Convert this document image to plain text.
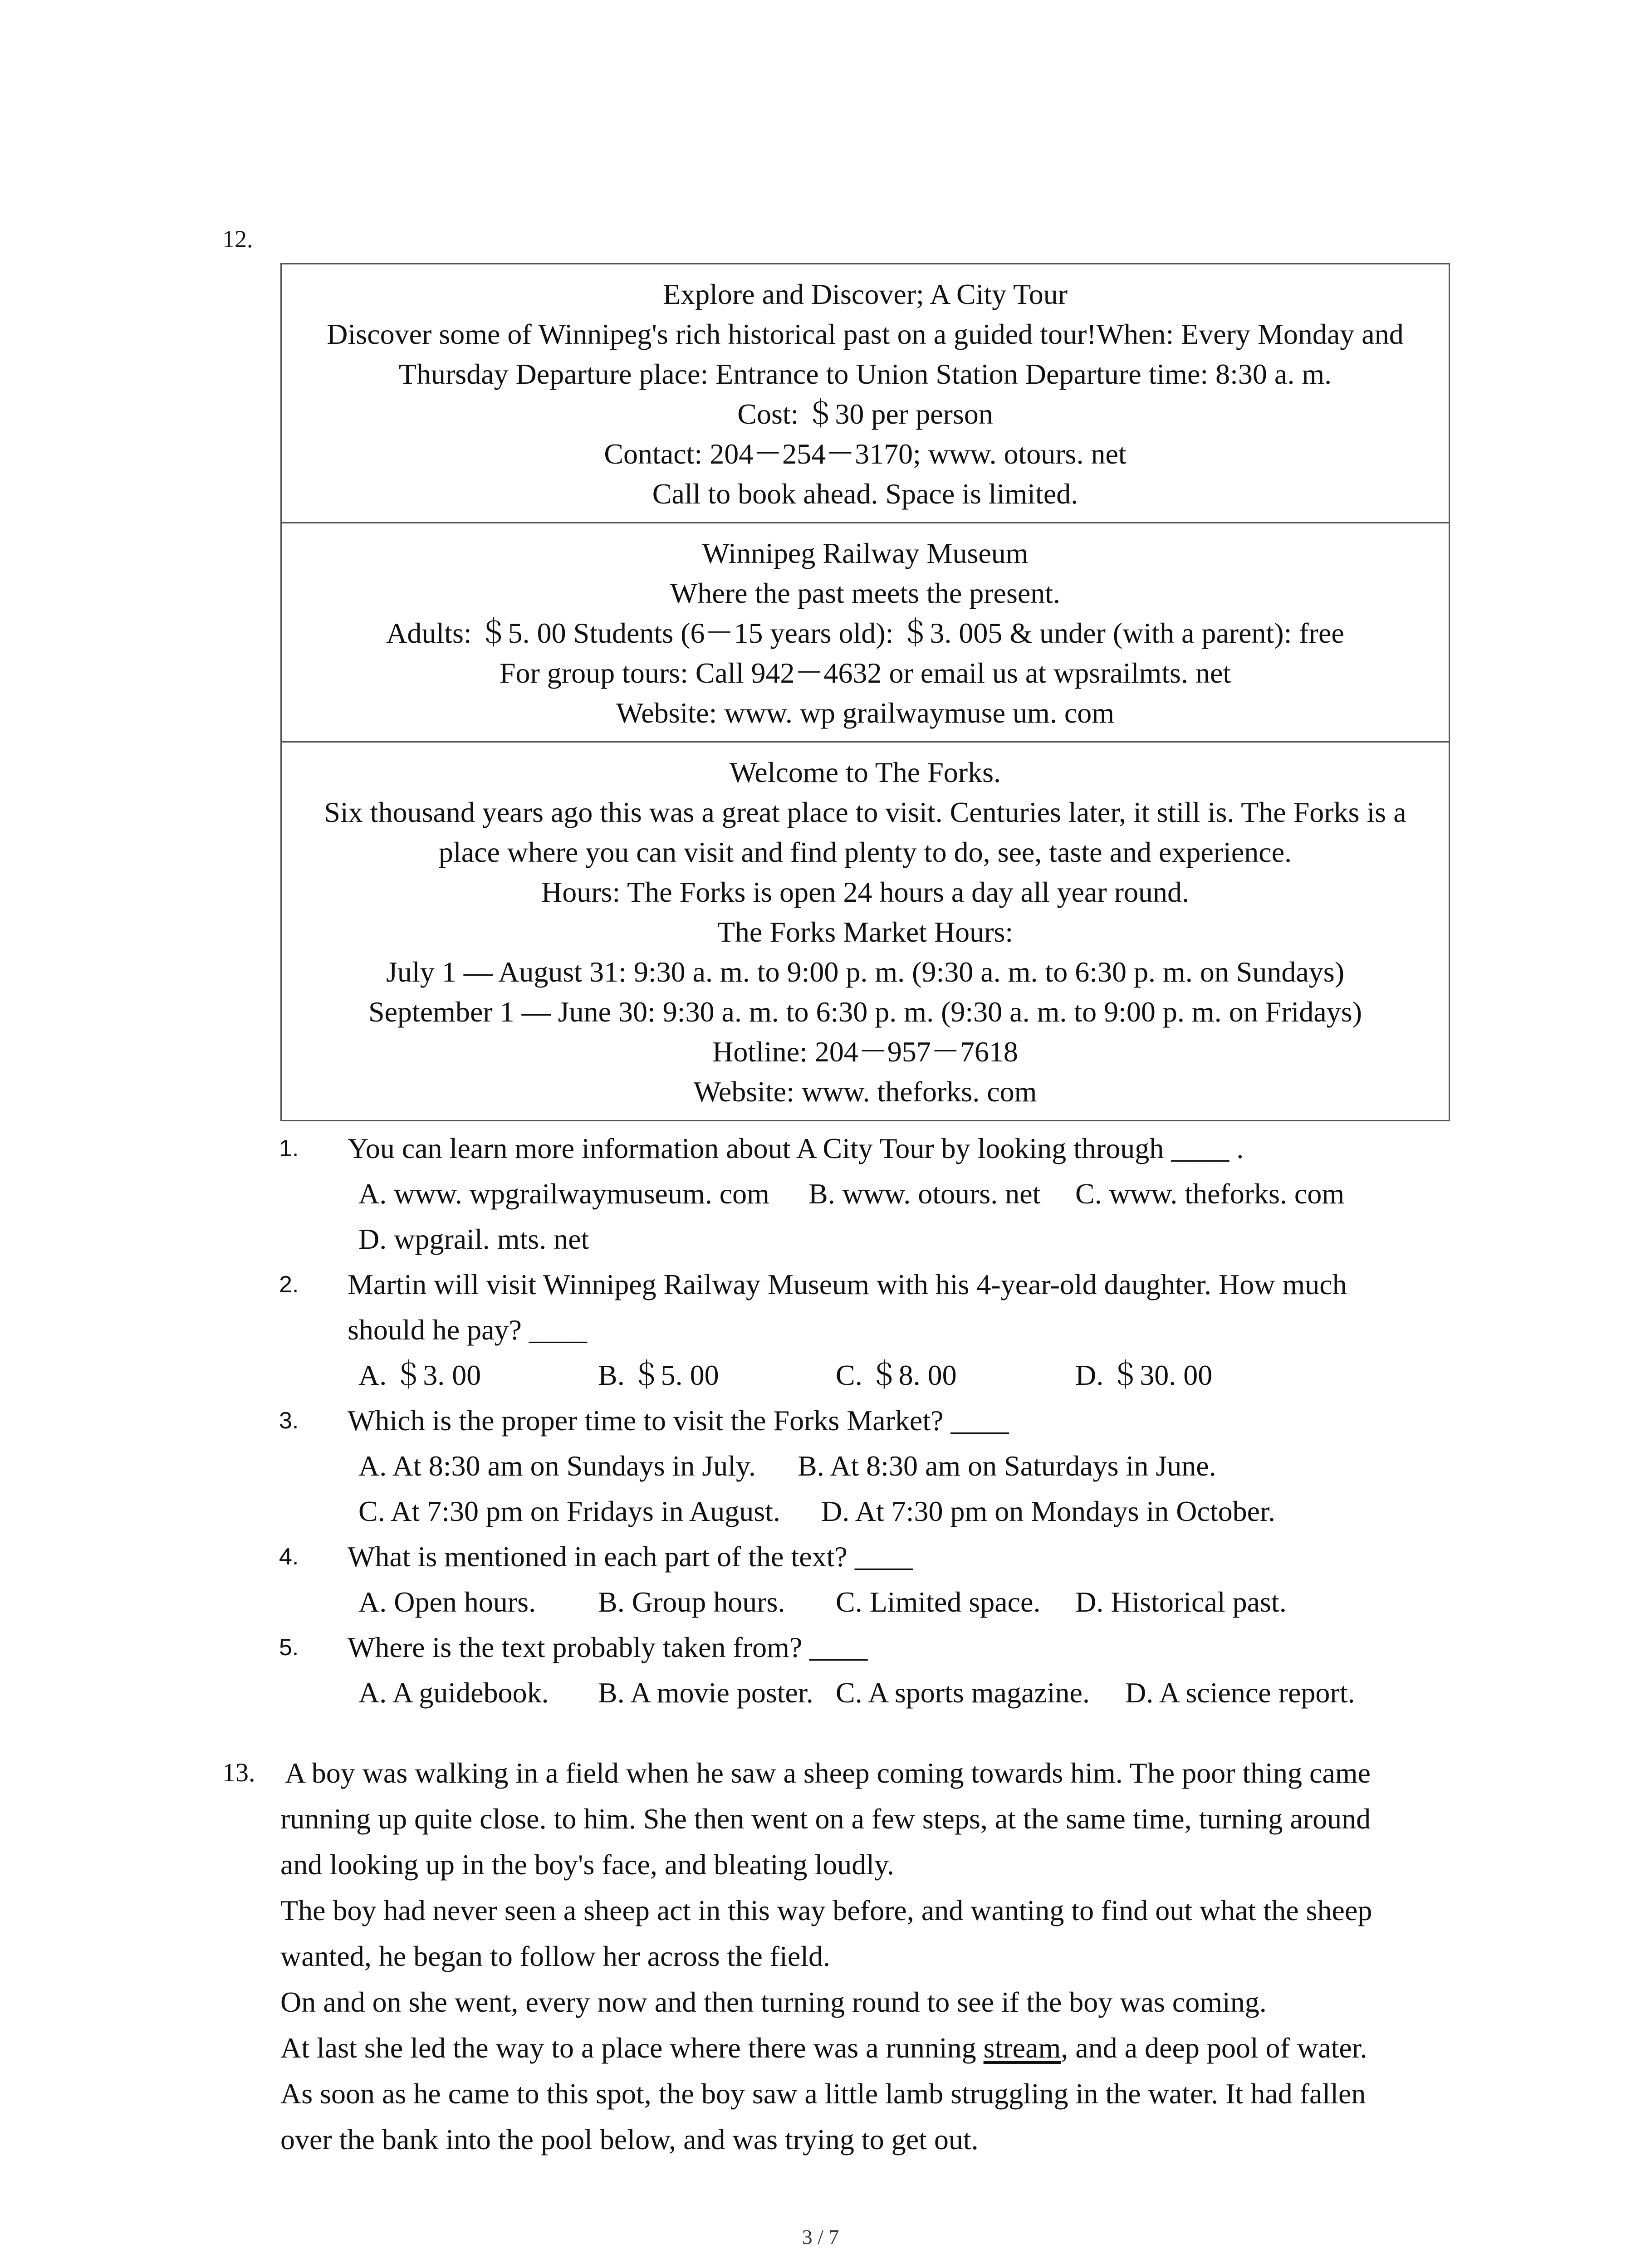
12.
Explore and Discover; A City Tour
Discover some of Winnipeg's rich historical past on a guided tour!When: Every Monday and
Thursday Departure place: Entrance to Union Station Departure time: 8:30 a. m.
Cost: ＄30 per person
Contact: 204－254－3170; www. otours. net
Call to book ahead. Space is limited.
Winnipeg Railway Museum
Where the past meets the present.
Adults: ＄5. 00 Students (6－15 years old): ＄3. 005 & under (with a parent): free
For group tours: Call 942－4632 or email us at wpsrailmts. net
Website: www. wp grailwaymuse um. com
Welcome to The Forks.
Six thousand years ago this was a great place to visit. Centuries later, it still is. The Forks is a
place where you can visit and find plenty to do, see, taste and experience.
Hours: The Forks is open 24 hours a day all year round.
The Forks Market Hours:
July 1 — August 31: 9:30 a. m. to 9:00 p. m. (9:30 a. m. to 6:30 p. m. on Sundays)
September 1 — June 30: 9:30 a. m. to 6:30 p. m. (9:30 a. m. to 9:00 p. m. on Fridays)
Hotline: 204－957－7618
Website: www. theforks. com
1. You can learn more information about A City Tour by looking through ____ .
A. www. wpgrailwaymuseum. com B. www. otours. net C. www. theforks. com
D. wpgrail. mts. net
2. Martin will visit Winnipeg Railway Museum with his 4-year-old daughter. How much
should he pay? ____
A. ＄3. 00	B. ＄5. 00	C. ＄8. 00	D. ＄30. 00
3. Which is the proper time to visit the Forks Market? ____
A. At 8:30 am on Sundays in July. B. At 8:30 am on Saturdays in June.
C. At 7:30 pm on Fridays in August. D. At 7:30 pm on Mondays in October.
4. What is mentioned in each part of the text? ____
A. Open hours. B. Group hours. C. Limited space. D. Historical past.
5. Where is the text probably taken from? ____
A. A guidebook. B. A movie poster. C. A sports magazine. D. A science report.
13. A boy was walking in a field when he saw a sheep coming towards him. The poor thing came
running up quite close. to him. She then went on a few steps, at the same time, turning around
and looking up in the boy's face, and bleating loudly.
The boy had never seen a sheep act in this way before, and wanting to find out what the sheep
wanted, he began to follow her across the field.
On and on she went, every now and then turning round to see if the boy was coming.
At last she led the way to a place where there was a running stream, and a deep pool of water.
As soon as he came to this spot, the boy saw a little lamb struggling in the water. It had fallen
over the bank into the pool below, and was trying to get out.
3 / 7
